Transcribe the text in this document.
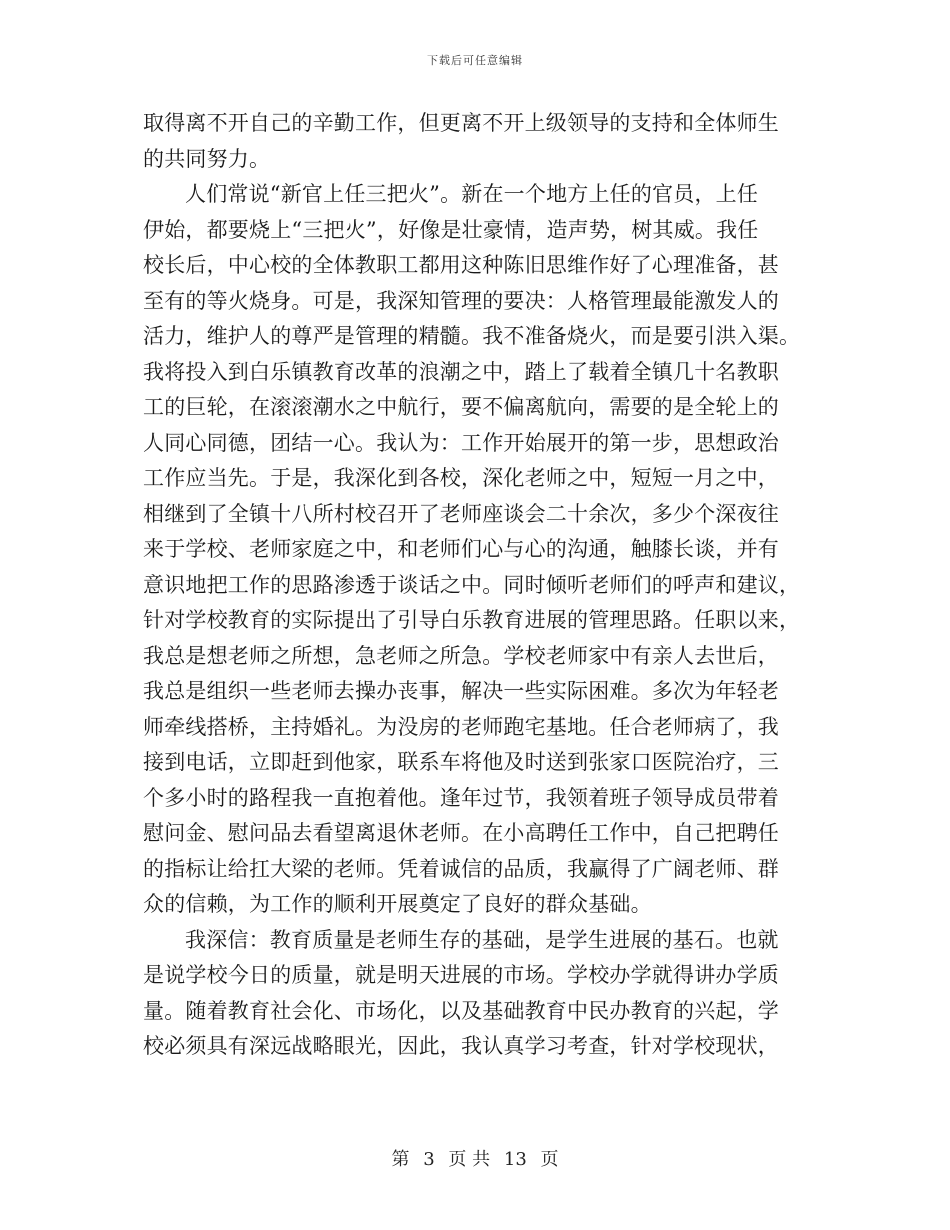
下载后可任意编辑
取得离不开自己的辛勤工作，但更离不开上级领导的支持和全体师生
的共同努力。
人们常说“新官上任三把火”。新在一个地方上任的官员，上任
伊始，都要烧上“三把火”，好像是壮豪情，造声势，树其威。我任
校长后，中心校的全体教职工都用这种陈旧思维作好了心理准备，甚
至有的等火烧身。可是，我深知管理的要决：人格管理最能激发人的
活力，维护人的尊严是管理的精髓。我不准备烧火，而是要引洪入渠。
我将投入到白乐镇教育改革的浪潮之中，踏上了载着全镇几十名教职
工的巨轮，在滚滚潮水之中航行，要不偏离航向，需要的是全轮上的
人同心同德，团结一心。我认为：工作开始展开的第一步，思想政治
工作应当先。于是，我深化到各校，深化老师之中，短短一月之中，
相继到了全镇十八所村校召开了老师座谈会二十余次，多少个深夜往
来于学校、老师家庭之中，和老师们心与心的沟通，触膝长谈，并有
意识地把工作的思路渗透于谈话之中。同时倾听老师们的呼声和建议，
针对学校教育的实际提出了引导白乐教育进展的管理思路。任职以来，
我总是想老师之所想，急老师之所急。学校老师家中有亲人去世后，
我总是组织一些老师去操办丧事，解决一些实际困难。多次为年轻老
师牵线搭桥，主持婚礼。为没房的老师跑宅基地。任合老师病了，我
接到电话，立即赶到他家，联系车将他及时送到张家口医院治疗，三
个多小时的路程我一直抱着他。逢年过节，我领着班子领导成员带着
慰问金、慰问品去看望离退休老师。在小高聘任工作中，自己把聘任
的指标让给扛大梁的老师。凭着诚信的品质，我赢得了广阔老师、群
众的信赖，为工作的顺利开展奠定了良好的群众基础。
我深信：教育质量是老师生存的基础，是学生进展的基石。也就
是说学校今日的质量，就是明天进展的市场。学校办学就得讲办学质
量。随着教育社会化、市场化，以及基础教育中民办教育的兴起，学
校必须具有深远战略眼光，因此，我认真学习考查，针对学校现状，
第 3 页 共 13 页
